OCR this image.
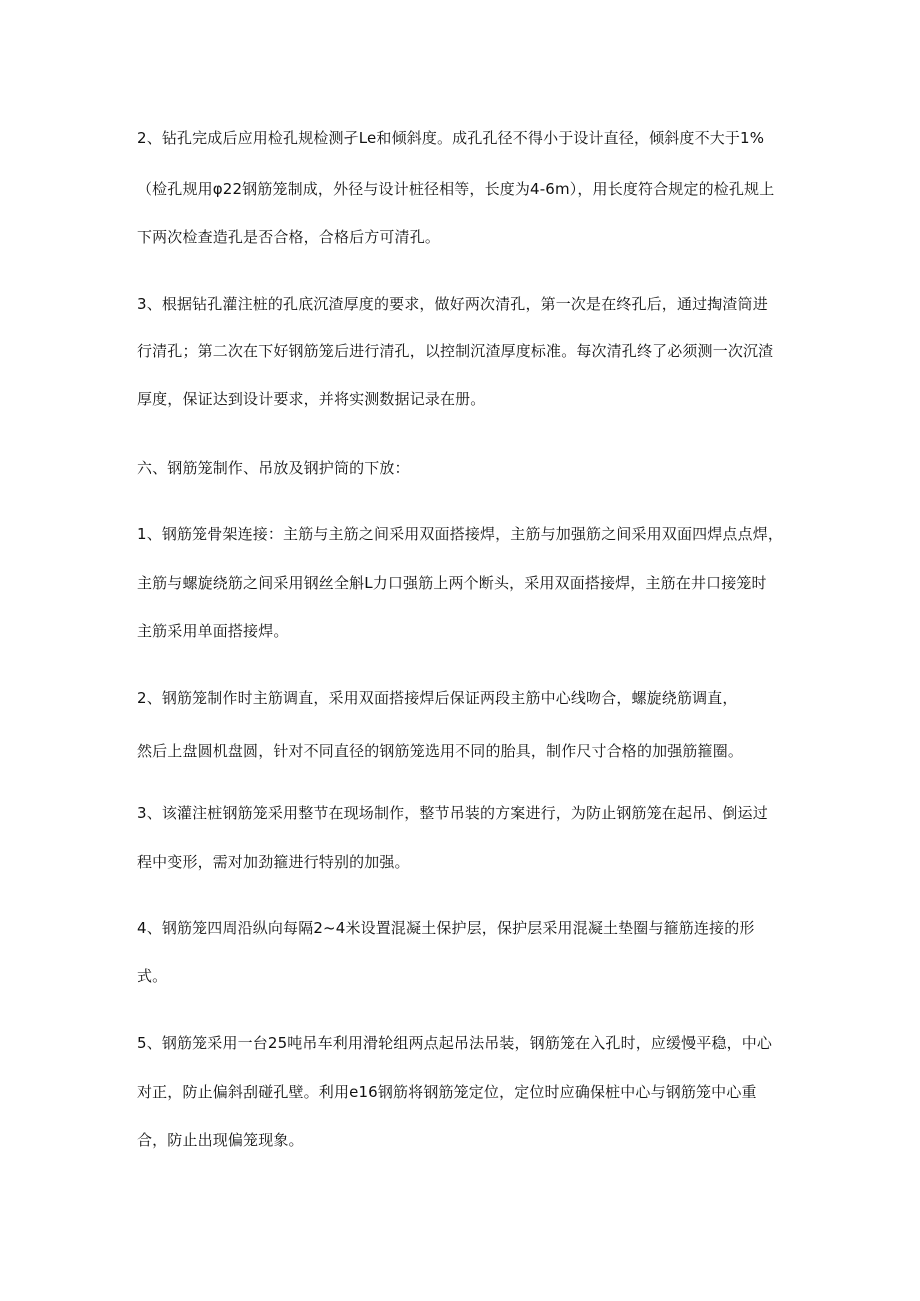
2、钻孔完成后应用检孔规检测孑Le和倾斜度。成孔孔径不得小于设计直径，倾斜度不大于1%
（检孔规用φ22钢筋笼制成，外径与设计桩径相等，长度为4-6m），用长度符合规定的检孔规上
下两次检查造孔是否合格，合格后方可清孔。
3、根据钻孔灌注桩的孔底沉渣厚度的要求，做好两次清孔，第一次是在终孔后，通过掏渣筒进
行清孔；第二次在下好钢筋笼后进行清孔，以控制沉渣厚度标准。每次清孔终了必须测一次沉渣
厚度，保证达到设计要求，并将实测数据记录在册。
六、钢筋笼制作、吊放及钢护筒的下放：
1、钢筋笼骨架连接：主筋与主筋之间采用双面搭接焊，主筋与加强筋之间采用双面四焊点点焊，
主筋与螺旋绕筋之间采用钢丝全斛L力口强筋上两个断头，采用双面搭接焊，主筋在井口接笼时
主筋采用单面搭接焊。
2、钢筋笼制作时主筋调直，采用双面搭接焊后保证两段主筋中心线吻合，螺旋绕筋调直，
然后上盘圆机盘圆，针对不同直径的钢筋笼选用不同的胎具，制作尺寸合格的加强筋箍圈。
3、该灌注桩钢筋笼采用整节在现场制作，整节吊装的方案进行，为防止钢筋笼在起吊、倒运过
程中变形，需对加劲箍进行特别的加强。
4、钢筋笼四周沿纵向每隔2~4米设置混凝土保护层，保护层采用混凝土垫圈与箍筋连接的形
式。
5、钢筋笼采用一台25吨吊车利用滑轮组两点起吊法吊装，钢筋笼在入孔时，应缓慢平稳，中心
对正，防止偏斜刮碰孔壁。利用e16钢筋将钢筋笼定位，定位时应确保桩中心与钢筋笼中心重
合，防止出现偏笼现象。
